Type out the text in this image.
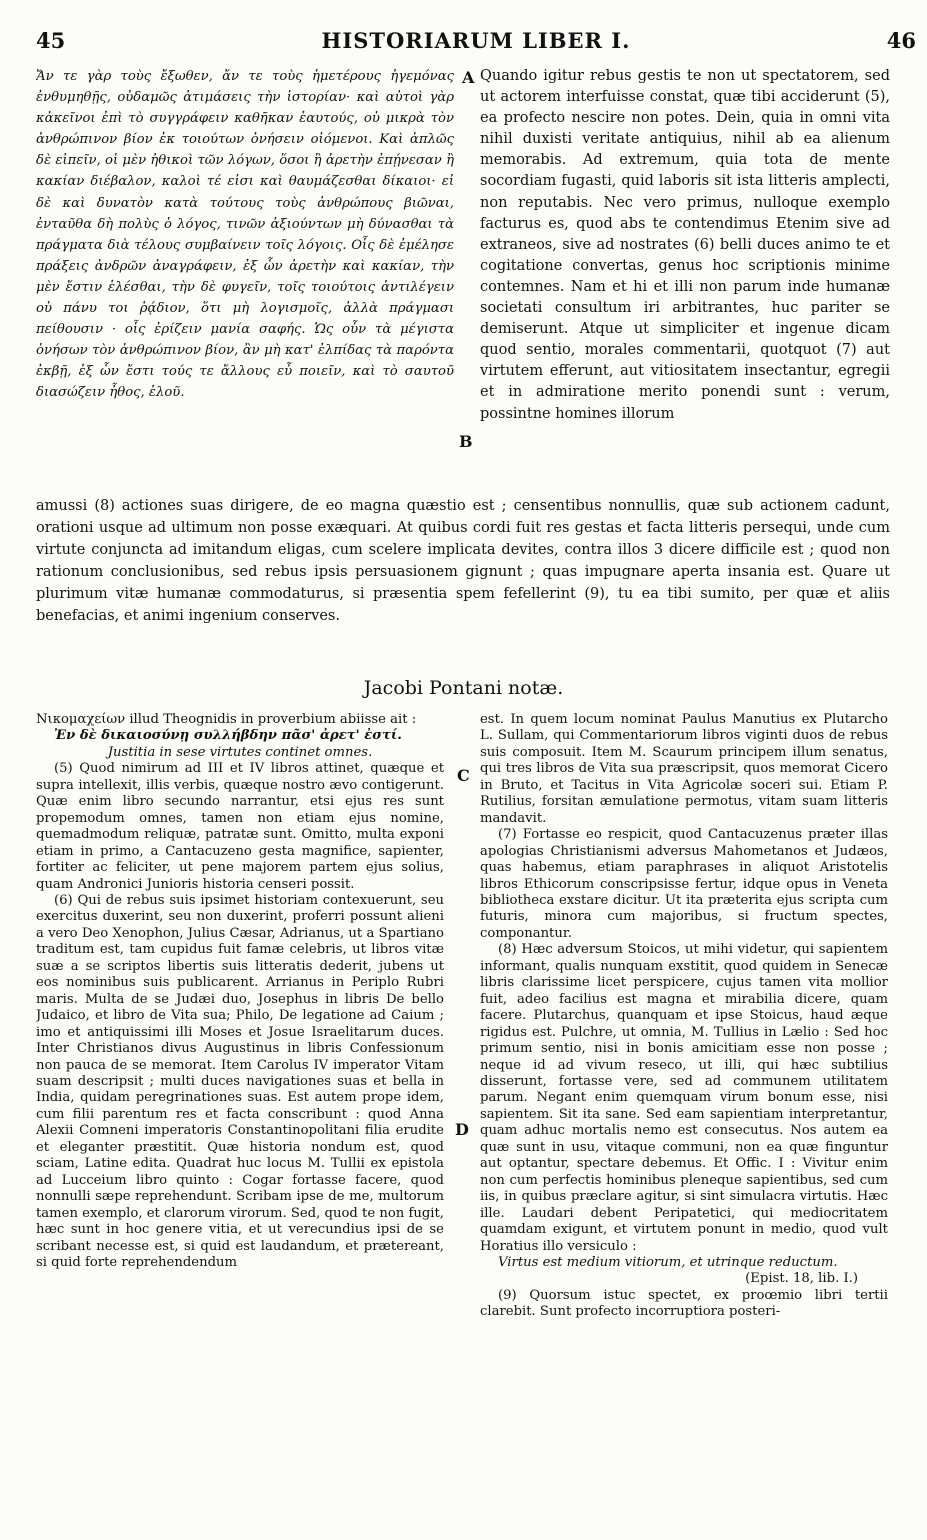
45	HISTORIARUM LIBER I.	46
Ἄν τε γὰρ τοὺς ἔξωθεν, ἄν τε τοὺς ἡμετέρους ἡγεμόνας ἐνθυμηθῇς, οὐδαμῶς ἀτιμάσεις τὴν ἱστορίαν· καὶ αὐτοὶ γὰρ κἀκεῖνοι ἐπὶ τὸ συγγράφειν καθῆκαν ἑαυτούς, οὐ μικρὰ τὸν ἀνθρώπινον βίον ἐκ τοιούτων ὀνήσειν οἰόμενοι. Καὶ ἁπλῶς δὲ εἰπεῖν, οἱ μὲν ἠθικοὶ τῶν λόγων, ὅσοι ἢ ἀρετὴν ἐπῄνεσαν ἢ κακίαν διέβαλον, καλοὶ τέ εἰσι καὶ θαυμάζεσθαι δίκαιοι· εἰ δὲ καὶ δυνατὸν κατὰ τούτους τοὺς ἀνθρώπους βιῶναι, ἐνταῦθα δὴ πολὺς ὁ λόγος, τινῶν ἀξιούντων μὴ δύνασθαι τὰ πράγματα διὰ τέλους συμβαίνειν τοῖς λόγοις. Οἷς δὲ ἐμέλησε πράξεις ἀνδρῶν ἀναγράφειν, ἐξ ὧν ἀρετὴν καὶ κακίαν, τὴν μὲν ἔστιν ἑλέσθαι, τὴν δὲ φυγεῖν, τοῖς τοιούτοις ἀντιλέγειν οὐ πάνυ τοι ῥᾴδιον, ὅτι μὴ λογισμοῖς, ἀλλὰ πράγμασι πείθουσιν · οἷς ἐρίζειν μανία σαφής. Ὡς οὖν τὰ μέγιστα ὀνήσων τὸν ἀνθρώπινον βίον, ἂν μὴ κατ' ἐλπίδας τὰ παρόντα ἐκβῇ, ἐξ ὧν ἔστι τούς τε ἄλλους εὖ ποιεῖν, καὶ τὸ σαυτοῦ διασώζειν ἦθος, ἑλοῦ.
A
B
Quando igitur rebus gestis te non ut spectatorem, sed ut actorem interfuisse constat, quæ tibi acciderunt (5), ea profecto nescire non potes. Dein, quia in omni vita nihil duxisti veritate antiquius, nihil ab ea alienum memorabis. Ad extremum, quia tota de mente socordiam fugasti, quid laboris sit ista litteris amplecti, non reputabis. Nec vero primus, nulloque exemplo facturus es, quod abs te contendimus Etenim sive ad extraneos, sive ad nostrates (6) belli duces animo te et cogitatione convertas, genus hoc scriptionis minime contemnes. Nam et hi et illi non parum inde humanæ societati consultum iri arbitrantes, huc pariter se demiserunt. Atque ut simpliciter et ingenue dicam quod sentio, morales commentarii, quotquot (7) aut virtutem efferunt, aut vitiositatem insectantur, egregii et in admiratione merito ponendi sunt : verum, possintne homines illorum
amussi (8) actiones suas dirigere, de eo magna quæstio est ; censentibus nonnullis, quæ sub actionem cadunt, orationi usque ad ultimum non posse exæquari. At quibus cordi fuit res gestas et facta litteris persequi, unde cum virtute conjuncta ad imitandum eligas, cum scelere implicata devites, contra illos 3 dicere difficile est ; quod non rationum conclusionibus, sed rebus ipsis persuasionem gignunt ; quas impugnare aperta insania est. Quare ut plurimum vitæ humanæ commodaturus, si præsentia spem fefellerint (9), tu ea tibi sumito, per quæ et aliis benefacias, et animi ingenium conserves.
Jacobi Pontani notæ.

Νικομαχείων illud Theognidis in proverbium abiisse ait :

Ἐν δὲ δικαιοσύνῃ συλλήβδην πᾶσ' ἀρετ' ἐστί.

Justitia in sese virtutes continet omnes.

(5) Quod nimirum ad III et IV libros attinet, quæque et supra intellexit, illis verbis, quæque nostro ævo contigerunt. Quæ enim libro secundo narrantur, etsi ejus res sunt propemodum omnes, tamen non etiam ejus nomine, quemadmodum reliquæ, patratæ sunt. Omitto, multa exponi etiam in primo, a Cantacuzeno gesta magnifice, sapienter, fortiter ac feliciter, ut pene majorem partem ejus solius, quam Andronici Junioris historia censeri possit.

(6) Qui de rebus suis ipsimet historiam contexuerunt, seu exercitus duxerint, seu non duxerint, proferri possunt alieni a vero Deo Xenophon, Julius Cæsar, Adrianus, ut a Spartiano traditum est, tam cupidus fuit famæ celebris, ut libros vitæ suæ a se scriptos libertis suis litteratis dederit, jubens ut eos nominibus suis publicarent. Arrianus in Periplo Rubri maris. Multa de se Judæi duo, Josephus in libris De bello Judaico, et libro de Vita sua; Philo, De legatione ad Caium ; imo et antiquissimi illi Moses et Josue Israelitarum duces. Inter Christianos divus Augustinus in libris Confessionum non pauca de se memorat. Item Carolus IV imperator Vitam suam descripsit ; multi duces navigationes suas et bella in India, quidam peregrinationes suas. Est autem prope idem, cum filii parentum res et facta conscribunt : quod Anna Alexii Comneni imperatoris Constantinopolitani filia erudite et eleganter præstitit. Quæ historia nondum est, quod sciam, Latine edita. Quadrat huc locus M. Tullii ex epistola ad Lucceium libro quinto : Cogar fortasse facere, quod nonnulli sæpe reprehendunt. Scribam ipse de me, multorum tamen exemplo, et clarorum virorum. Sed, quod te non fugit, hæc sunt in hoc genere vitia, et ut verecundius ipsi de se scribant necesse est, si quid est laudandum, et prætereant, si quid forte reprehendendum

C
D

est. In quem locum nominat Paulus Manutius ex Plutarcho L. Sullam, qui Commentariorum libros viginti duos de rebus suis composuit. Item M. Scaurum principem illum senatus, qui tres libros de Vita sua præscripsit, quos memorat Cicero in Bruto, et Tacitus in Vita Agricolæ soceri sui. Etiam P. Rutilius, forsitan æmulatione permotus, vitam suam litteris mandavit.

(7) Fortasse eo respicit, quod Cantacuzenus præter illas apologias Christianismi adversus Mahometanos et Judæos, quas habemus, etiam paraphrases in aliquot Aristotelis libros Ethicorum conscripsisse fertur, idque opus in Veneta bibliotheca exstare dicitur. Ut ita præterita ejus scripta cum futuris, minora cum majoribus, si fructum spectes, componantur.

(8) Hæc adversum Stoicos, ut mihi videtur, qui sapientem informant, qualis nunquam exstitit, quod quidem in Senecæ libris clarissime licet perspicere, cujus tamen vita mollior fuit, adeo facilius est magna et mirabilia dicere, quam facere. Plutarchus, quanquam et ipse Stoicus, haud æque rigidus est. Pulchre, ut omnia, M. Tullius in Lælio : Sed hoc primum sentio, nisi in bonis amicitiam esse non posse ; neque id ad vivum reseco, ut illi, qui hæc subtilius disserunt, fortasse vere, sed ad communem utilitatem parum. Negant enim quemquam virum bonum esse, nisi sapientem. Sit ita sane. Sed eam sapientiam interpretantur, quam adhuc mortalis nemo est consecutus. Nos autem ea quæ sunt in usu, vitaque communi, non ea quæ finguntur aut optantur, spectare debemus. Et Offic. I : Vivitur enim non cum perfectis hominibus pleneque sapientibus, sed cum iis, in quibus præclare agitur, si sint simulacra virtutis. Hæc ille. Laudari debent Peripatetici, qui mediocritatem quamdam exigunt, et virtutem ponunt in medio, quod vult Horatius illo versiculo :

Virtus est medium vitiorum, et utrinque reductum.

(Epist. 18, lib. I.)

(9) Quorsum istuc spectet, ex proœmio libri tertii clarebit. Sunt profecto incorruptiora posteri-
